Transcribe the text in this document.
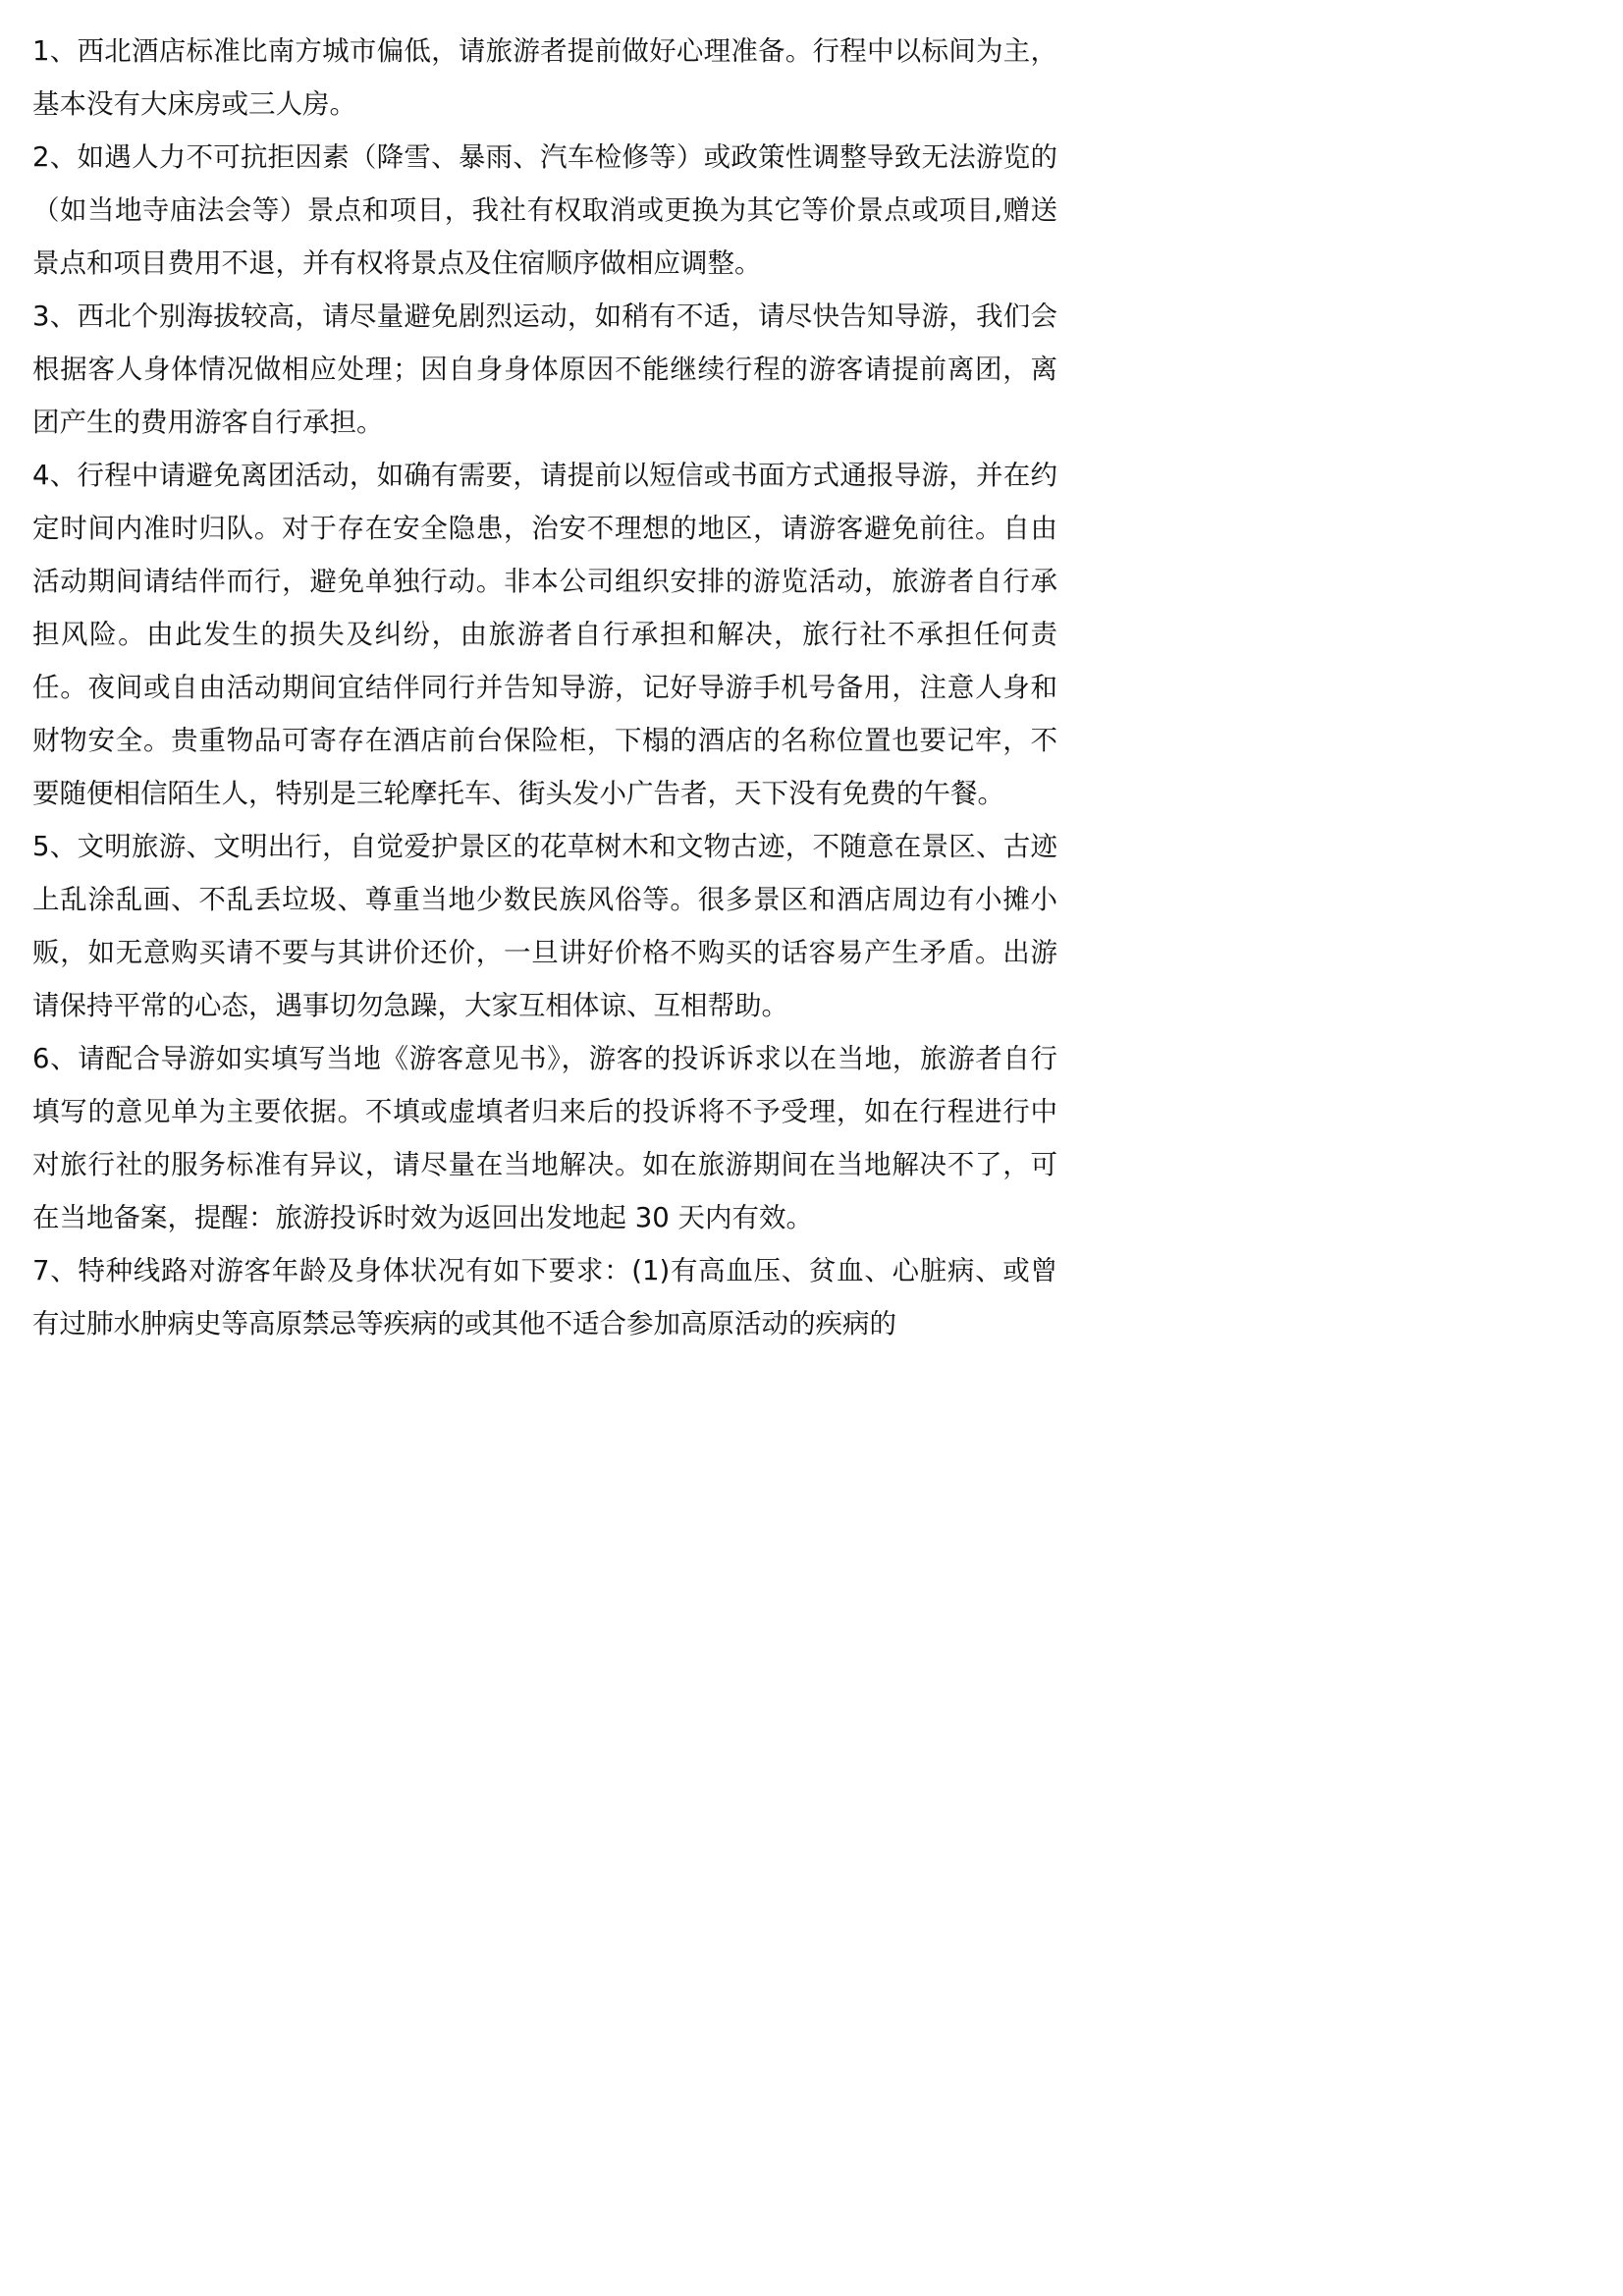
1、西北酒店标准比南方城市偏低，请旅游者提前做好心理准备。行程中以标间为主，基本没有大床房或三人房。

2、如遇人力不可抗拒因素（降雪、暴雨、汽车检修等）或政策性调整导致无法游览的（如当地寺庙法会等）景点和项目，我社有权取消或更换为其它等价景点或项目,赠送景点和项目费用不退，并有权将景点及住宿顺序做相应调整。

3、西北个别海拔较高，请尽量避免剧烈运动，如稍有不适，请尽快告知导游，我们会根据客人身体情况做相应处理；因自身身体原因不能继续行程的游客请提前离团，离团产生的费用游客自行承担。

4、行程中请避免离团活动，如确有需要，请提前以短信或书面方式通报导游，并在约定时间内准时归队。对于存在安全隐患，治安不理想的地区，请游客避免前往。自由活动期间请结伴而行，避免单独行动。非本公司组织安排的游览活动，旅游者自行承担风险。由此发生的损失及纠纷，由旅游者自行承担和解决，旅行社不承担任何责任。夜间或自由活动期间宜结伴同行并告知导游，记好导游手机号备用，注意人身和财物安全。贵重物品可寄存在酒店前台保险柜，下榻的酒店的名称位置也要记牢，不要随便相信陌生人，特别是三轮摩托车、街头发小广告者，天下没有免费的午餐。

5、文明旅游、文明出行，自觉爱护景区的花草树木和文物古迹，不随意在景区、古迹上乱涂乱画、不乱丢垃圾、尊重当地少数民族风俗等。很多景区和酒店周边有小摊小贩，如无意购买请不要与其讲价还价，一旦讲好价格不购买的话容易产生矛盾。出游请保持平常的心态，遇事切勿急躁，大家互相体谅、互相帮助。

6、请配合导游如实填写当地《游客意见书》，游客的投诉诉求以在当地，旅游者自行填写的意见单为主要依据。不填或虚填者归来后的投诉将不予受理，如在行程进行中对旅行社的服务标准有异议，请尽量在当地解决。如在旅游期间在当地解决不了，可在当地备案，提醒：旅游投诉时效为返回出发地起 30 天内有效。

7、特种线路对游客年龄及身体状况有如下要求：(1)有高血压、贫血、心脏病、或曾有过肺水肿病史等高原禁忌等疾病的或其他不适合参加高原活动的疾病的
